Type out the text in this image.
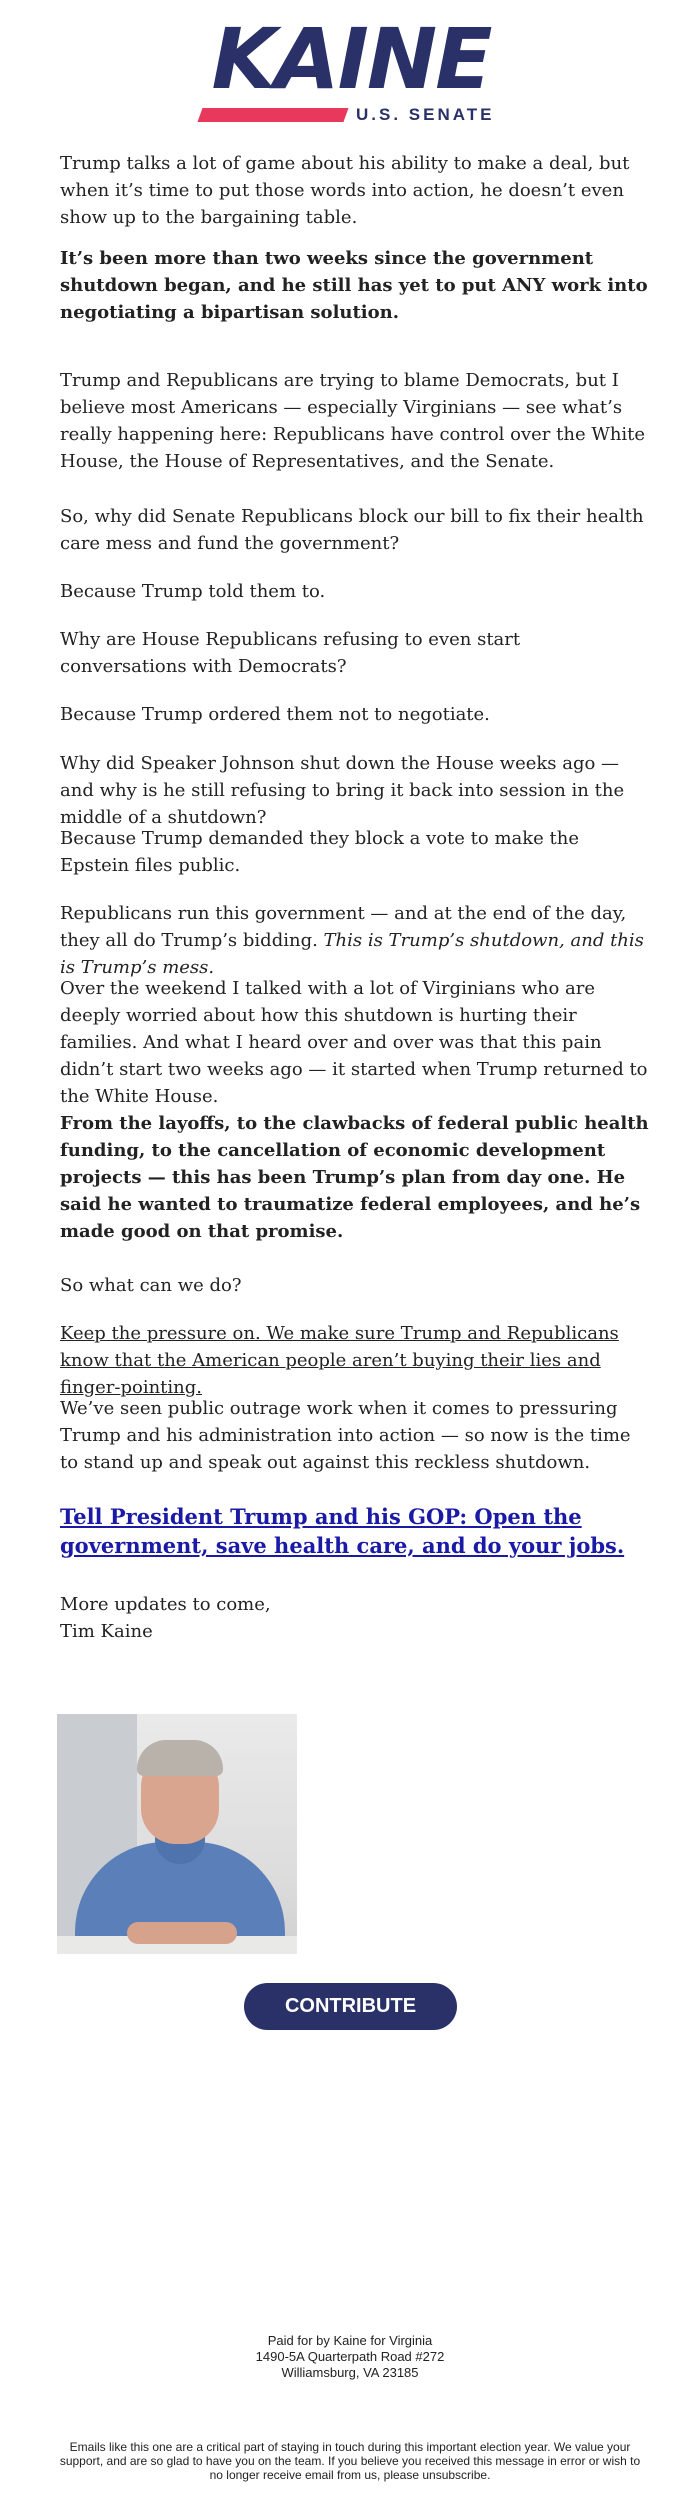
KAINE
U.S. SENATE

Trump talks a lot of game about his ability to make a deal, but when it’s time to put those words into action, he doesn’t even show up to the bargaining table.

It’s been more than two weeks since the government shutdown began, and he still has yet to put ANY work into negotiating a bipartisan solution.

Trump and Republicans are trying to blame Democrats, but I believe most Americans — especially Virginians — see what’s really happening here: Republicans have control over the White House, the House of Representatives, and the Senate.

So, why did Senate Republicans block our bill to fix their health care mess and fund the government?

Because Trump told them to.

Why are House Republicans refusing to even start conversations with Democrats?

Because Trump ordered them not to negotiate.

Why did Speaker Johnson shut down the House weeks ago — and why is he still refusing to bring it back into session in the middle of a shutdown?

Because Trump demanded they block a vote to make the Epstein files public.

Republicans run this government — and at the end of the day, they all do Trump’s bidding. This is Trump’s shutdown, and this is Trump’s mess.

Over the weekend I talked with a lot of Virginians who are deeply worried about how this shutdown is hurting their families. And what I heard over and over was that this pain didn’t start two weeks ago — it started when Trump returned to the White House.

From the layoffs, to the clawbacks of federal public health funding, to the cancellation of economic development projects — this has been Trump’s plan from day one. He said he wanted to traumatize federal employees, and he’s made good on that promise.

So what can we do?

Keep the pressure on. We make sure Trump and Republicans know that the American people aren’t buying their lies and finger-pointing.

We’ve seen public outrage work when it comes to pressuring Trump and his administration into action — so now is the time to stand up and speak out against this reckless shutdown.

Tell President Trump and his GOP: Open the government, save health care, and do your jobs.

More updates to come,

Tim Kaine

CONTRIBUTE
Paid for by Kaine for Virginia
1490-5A Quarterpath Road #272
Williamsburg, VA 23185
Emails like this one are a critical part of staying in touch during this important election year. We value your support, and are so glad to have you on the team. If you believe you received this message in error or wish to no longer receive email from us, please unsubscribe.
